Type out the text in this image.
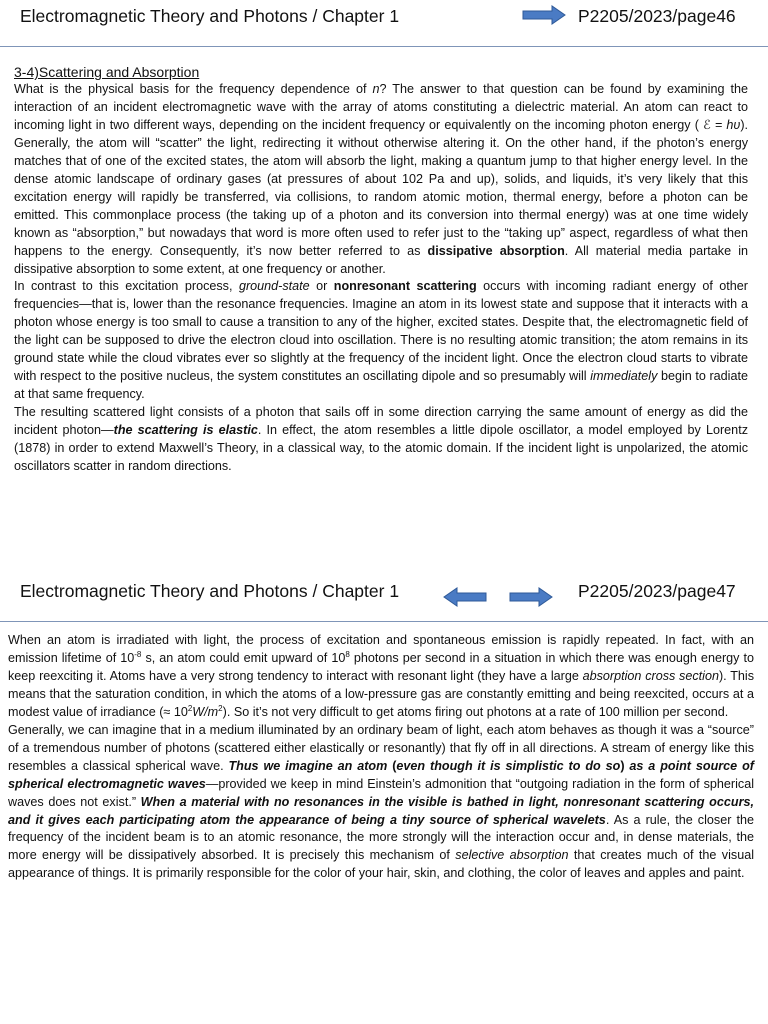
Electromagnetic Theory and Photons / Chapter 1	P2205/2023/page46
3-4)Scattering and Absorption

What is the physical basis for the frequency dependence of n? The answer to that question can be found by examining the interaction of an incident electromagnetic wave with the array of atoms constituting a dielectric material. An atom can react to incoming light in two different ways, depending on the incident frequency or equivalently on the incoming photon energy ( ℰ = hυ). Generally, the atom will “scatter” the light, redirecting it without otherwise altering it. On the other hand, if the photon’s energy matches that of one of the excited states, the atom will absorb the light, making a quantum jump to that higher energy level. In the dense atomic landscape of ordinary gases (at pressures of about 102 Pa and up), solids, and liquids, it’s very likely that this excitation energy will rapidly be transferred, via collisions, to random atomic motion, thermal energy, before a photon can be emitted. This commonplace process (the taking up of a photon and its conversion into thermal energy) was at one time widely known as “absorption,” but nowadays that word is more often used to refer just to the “taking up” aspect, regardless of what then happens to the energy. Consequently, it’s now better referred to as dissipative absorption. All material media partake in dissipative absorption to some extent, at one frequency or another.

In contrast to this excitation process, ground-state or nonresonant scattering occurs with incoming radiant energy of other frequencies—that is, lower than the resonance frequencies. Imagine an atom in its lowest state and suppose that it interacts with a photon whose energy is too small to cause a transition to any of the higher, excited states. Despite that, the electromagnetic field of the light can be supposed to drive the electron cloud into oscillation. There is no resulting atomic transition; the atom remains in its ground state while the cloud vibrates ever so slightly at the frequency of the incident light. Once the electron cloud starts to vibrate with respect to the positive nucleus, the system constitutes an oscillating dipole and so presumably will immediately begin to radiate at that same frequency.

The resulting scattered light consists of a photon that sails off in some direction carrying the same amount of energy as did the incident photon—the scattering is elastic. In effect, the atom resembles a little dipole oscillator, a model employed by Lorentz (1878) in order to extend Maxwell’s Theory, in a classical way, to the atomic domain. If the incident light is unpolarized, the atomic oscillators scatter in random directions.

Electromagnetic Theory and Photons / Chapter 1	P2205/2023/page47

When an atom is irradiated with light, the process of excitation and spontaneous emission is rapidly repeated. In fact, with an emission lifetime of $10^{-8}$ s, an atom could emit upward of $10^8$ photons per second in a situation in which there was enough energy to keep reexciting it. Atoms have a very strong tendency to interact with resonant light (they have a large absorption cross section). This means that the saturation condition, in which the atoms of a low-pressure gas are constantly emitting and being reexcited, occurs at a modest value of irradiance (≈ $10^2W/m^2$). So it’s not very difficult to get atoms firing out photons at a rate of 100 million per second.

Generally, we can imagine that in a medium illuminated by an ordinary beam of light, each atom behaves as though it was a “source” of a tremendous number of photons (scattered either elastically or resonantly) that fly off in all directions. A stream of energy like this resembles a classical spherical wave. Thus we imagine an atom (even though it is simplistic to do so) as a point source of spherical electromagnetic waves—provided we keep in mind Einstein’s admonition that “outgoing radiation in the form of spherical waves does not exist.” When a material with no resonances in the visible is bathed in light, nonresonant scattering occurs, and it gives each participating atom the appearance of being a tiny source of spherical wavelets. As a rule, the closer the frequency of the incident beam is to an atomic resonance, the more strongly will the interaction occur and, in dense materials, the more energy will be dissipatively absorbed. It is precisely this mechanism of selective absorption that creates much of the visual appearance of things. It is primarily responsible for the color of your hair, skin, and clothing, the color of leaves and apples and paint.
